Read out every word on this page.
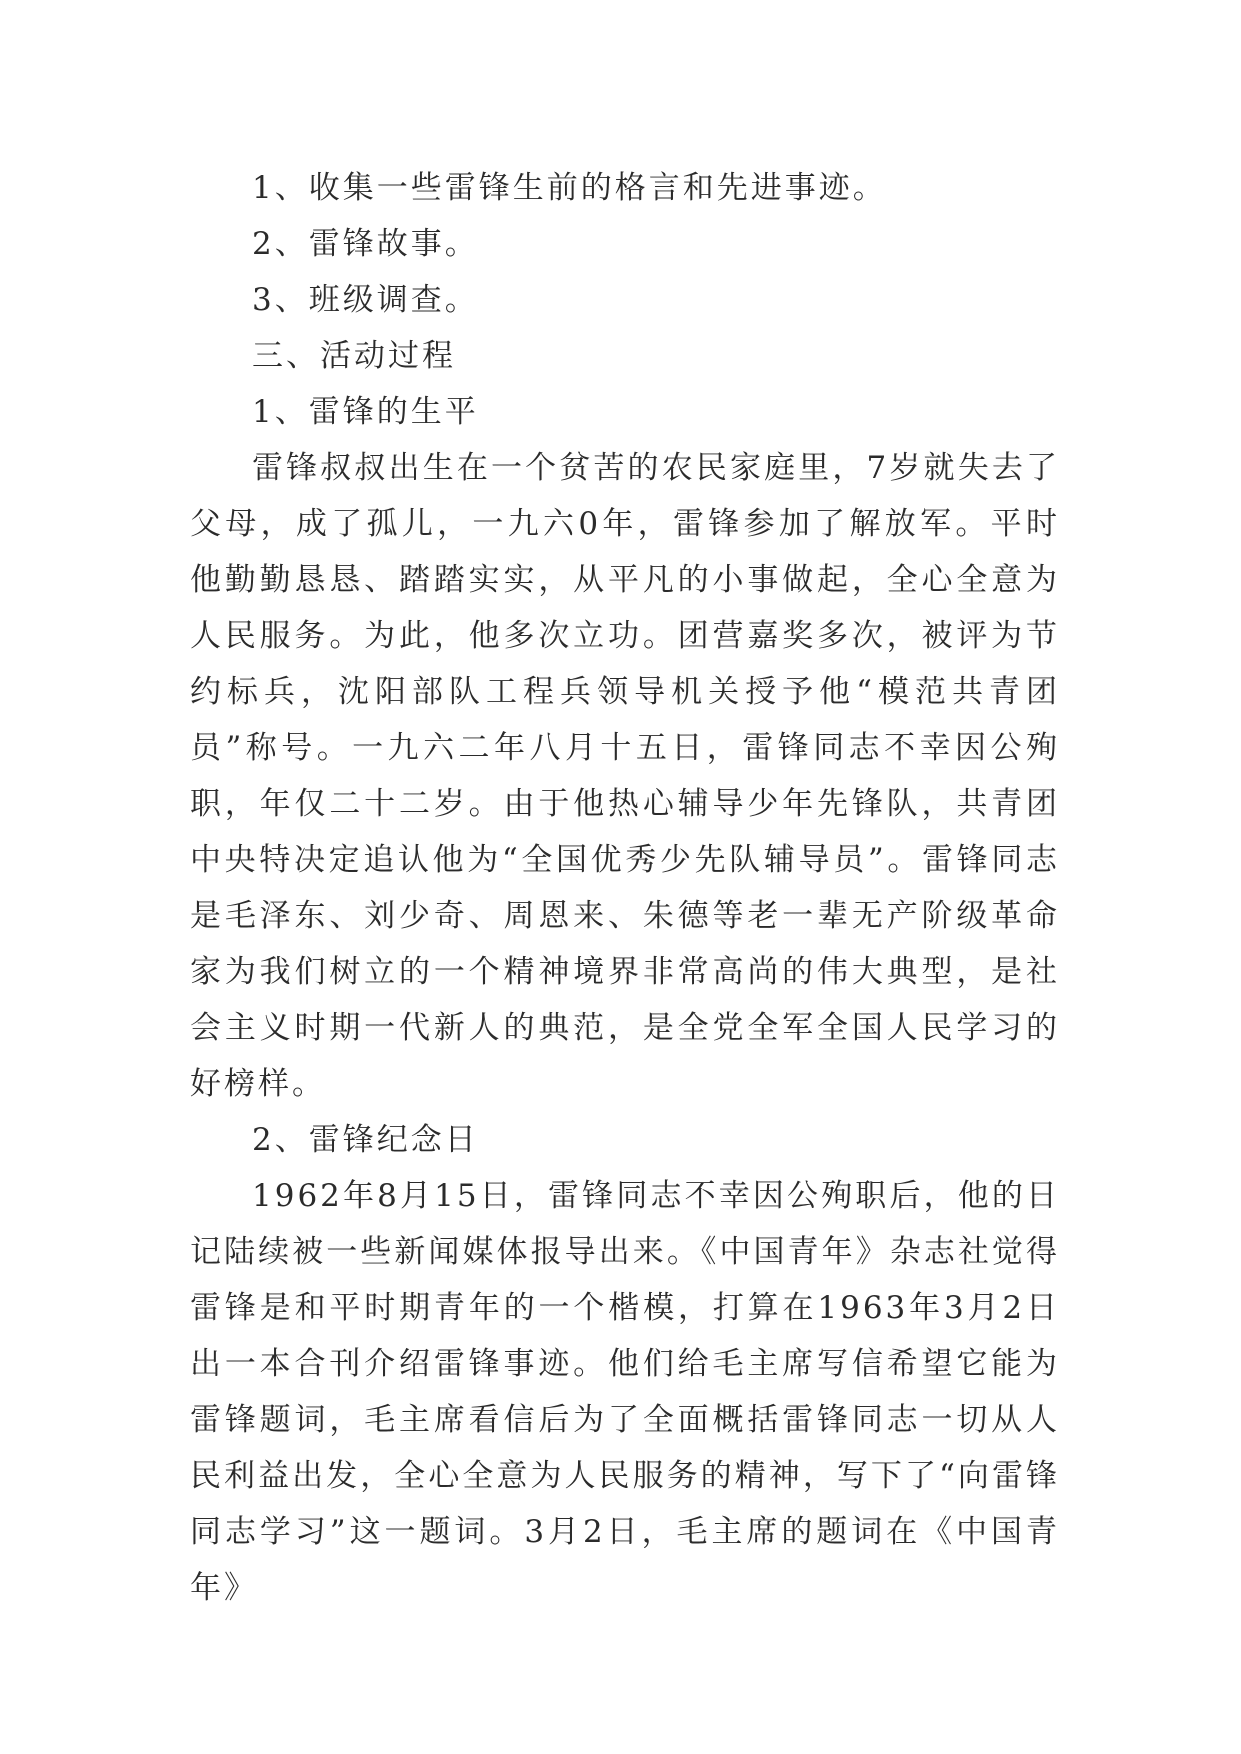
1、收集一些雷锋生前的格言和先进事迹。

2、雷锋故事。

3、班级调查。

三、活动过程

1、雷锋的生平

雷锋叔叔出生在一个贫苦的农民家庭里，7岁就失去了父母，成了孤儿，一九六0年，雷锋参加了解放军。平时他勤勤恳恳、踏踏实实，从平凡的小事做起，全心全意为人民服务。为此，他多次立功。团营嘉奖多次，被评为节约标兵，沈阳部队工程兵领导机关授予他“模范共青团员”称号。一九六二年八月十五日，雷锋同志不幸因公殉职，年仅二十二岁。由于他热心辅导少年先锋队，共青团中央特决定追认他为“全国优秀少先队辅导员”。雷锋同志是毛泽东、刘少奇、周恩来、朱德等老一辈无产阶级革命家为我们树立的一个精神境界非常高尚的伟大典型，是社会主义时期一代新人的典范，是全党全军全国人民学习的好榜样。

2、雷锋纪念日

1962年8月15日，雷锋同志不幸因公殉职后，他的日记陆续被一些新闻媒体报导出来。《中国青年》杂志社觉得雷锋是和平时期青年的一个楷模，打算在1963年3月2日出一本合刊介绍雷锋事迹。他们给毛主席写信希望它能为雷锋题词，毛主席看信后为了全面概括雷锋同志一切从人民利益出发，全心全意为人民服务的精神，写下了“向雷锋同志学习”这一题词。3月2日，毛主席的题词在《中国青年》
